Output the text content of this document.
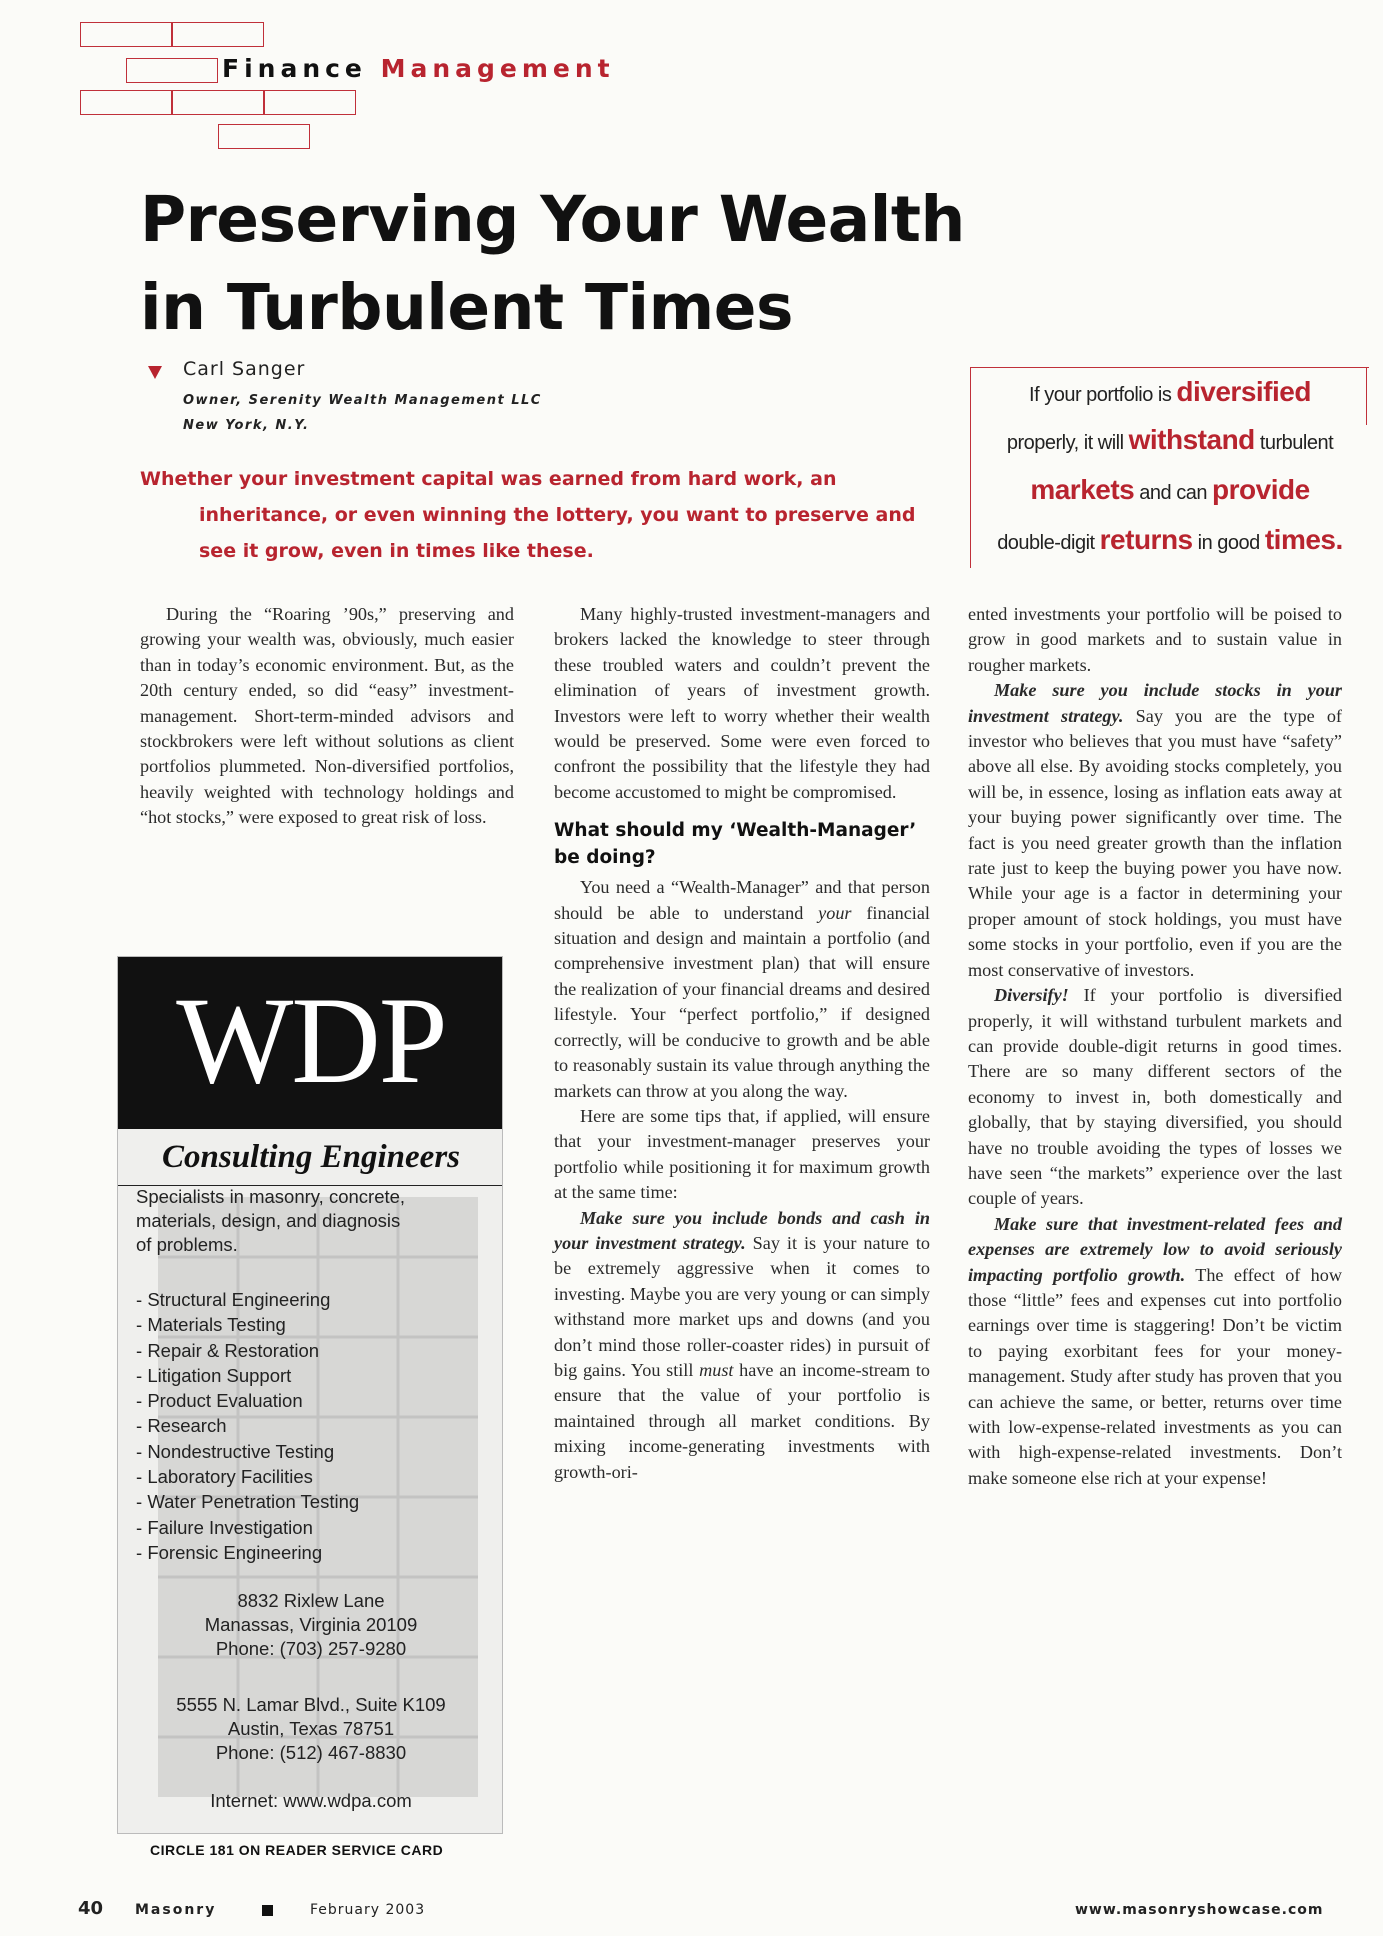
Finance Management
Preserving Your Wealth
in Turbulent Times
Carl Sanger
Owner, Serenity Wealth Management LLC
New York, N.Y.
Whether your investment capital was earned from hard work, an
inheritance, or even winning the lottery, you want to preserve and
see it grow, even in times like these.
If your portfolio is diversified
properly, it will withstand turbulent
markets and can provide
double-digit returns in good times.

During the “Roaring ’90s,” preserving and growing your wealth was, obviously, much easier than in today’s economic environment. But, as the 20th century ended, so did “easy” investment-management. Short-term-minded advisors and stockbrokers were left without solutions as client portfolios plummeted. Non-diversified portfolios, heavily weighted with technology holdings and “hot stocks,” were exposed to great risk of loss.

WDP
Consulting Engineers
Specialists in masonry, concrete,
materials, design, and diagnosis
of problems.
- Structural Engineering
- Materials Testing
- Repair & Restoration
- Litigation Support
- Product Evaluation
- Research
- Nondestructive Testing
- Laboratory Facilities
- Water Penetration Testing
- Failure Investigation
- Forensic Engineering
8832 Rixlew Lane
Manassas, Virginia 20109
Phone: (703) 257-9280
5555 N. Lamar Blvd., Suite K109
Austin, Texas 78751
Phone: (512) 467-8830
Internet: www.wdpa.com
CIRCLE 181 ON READER SERVICE CARD

Many highly-trusted investment-managers and brokers lacked the knowledge to steer through these troubled waters and couldn’t prevent the elimination of years of investment growth. Investors were left to worry whether their wealth would be preserved. Some were even forced to confront the possibility that the lifestyle they had become accustomed to might be compromised.

What should my ‘Wealth-Manager’ be doing?

You need a “Wealth-Manager” and that person should be able to understand your financial situation and design and maintain a portfolio (and comprehensive investment plan) that will ensure the realization of your financial dreams and desired lifestyle. Your “perfect portfolio,” if designed correctly, will be conducive to growth and be able to reasonably sustain its value through anything the markets can throw at you along the way.

Here are some tips that, if applied, will ensure that your investment-manager preserves your portfolio while positioning it for maximum growth at the same time:

Make sure you include bonds and cash in your investment strategy. Say it is your nature to be extremely aggressive when it comes to investing. Maybe you are very young or can simply withstand more market ups and downs (and you don’t mind those roller-coaster rides) in pursuit of big gains. You still must have an income-stream to ensure that the value of your portfolio is maintained through all market conditions. By mixing income-generating investments with growth-ori-

ented investments your portfolio will be poised to grow in good markets and to sustain value in rougher markets.

Make sure you include stocks in your investment strategy. Say you are the type of investor who believes that you must have “safety” above all else. By avoiding stocks completely, you will be, in essence, losing as inflation eats away at your buying power significantly over time. The fact is you need greater growth than the inflation rate just to keep the buying power you have now. While your age is a factor in determining your proper amount of stock holdings, you must have some stocks in your portfolio, even if you are the most conservative of investors.

Diversify! If your portfolio is diversified properly, it will withstand turbulent markets and can provide double-digit returns in good times. There are so many different sectors of the economy to invest in, both domestically and globally, that by staying diversified, you should have no trouble avoiding the types of losses we have seen “the markets” experience over the last couple of years.

Make sure that investment-related fees and expenses are extremely low to avoid seriously impacting portfolio growth. The effect of how those “little” fees and expenses cut into portfolio earnings over time is staggering! Don’t be victim to paying exorbitant fees for your money-management. Study after study has proven that you can achieve the same, or better, returns over time with low-expense-related investments as you can with high-expense-related investments. Don’t make someone else rich at your expense!

40 Masonry	February 2003	www.masonryshowcase.com
